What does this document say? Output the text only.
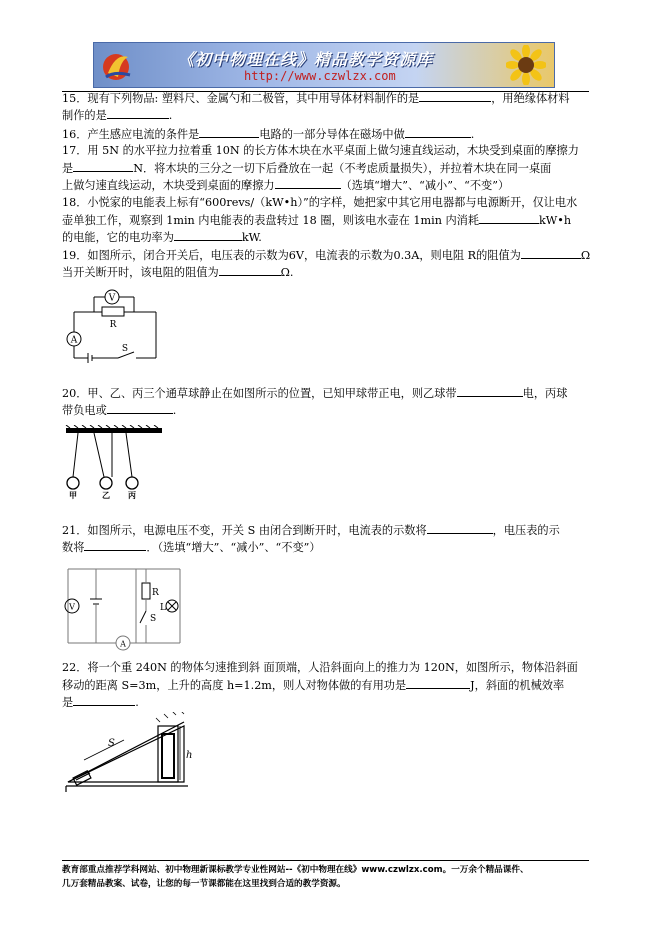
《初中物理在线》精品教学资源库
http://www.czwlzx.com
15．现有下列物品: 塑料尺、金属勺和二极管，其中用导体材料制作的是	，用绝缘体材料
制作的是	.
16．产生感应电流的条件是	电路的一部分导体在磁场中做	.
17．用 5N 的水平拉力拉着重 10N 的长方体木块在水平桌面上做匀速直线运动，木块受到桌面的摩擦力
是	N．将木块的三分之一切下后叠放在一起（不考虑质量损失），并拉着木块在同一桌面
上做匀速直线运动，木块受到桌面的摩擦力	（选填“增大”、“减小”、“不变”）
18．小悦家的电能表上标有“600revs/（kW•h）”的字样，她把家中其它用电器都与电源断开，仅让电水
壶单独工作，观察到 1min 内电能表的表盘转过 18 圈，则该电水壶在 1min 内消耗	kW•h
的电能，它的电功率为	kW.
19．如图所示，闭合开关后，电压表的示数为6V，电流表的示数为0.3A，则电阻 R的阻值为	Ω
当开关断开时，该电阻的阻值为	Ω.
V
R
A
S
20．甲、乙、丙三个通草球静止在如图所示的位置，已知甲球带正电，则乙球带	电，丙球
带负电或	.
甲	乙 丙
21．如图所示，电源电压不变，开关 S 由闭合到断开时，电流表的示数将	，电压表的示
数将	．（选填“增大”、“减小”、“不变”）
V
R
S
L
A
22．将一个重 240N 的物体匀速推到斜 面顶端，人沿斜面向上的推力为 120N，如图所示，物体沿斜面
移动的距离 S=3m，上升的高度 h=1.2m，则人对物体做的有用功是	J，斜面的机械效率
是	.
S
h
教育部重点推荐学科网站、初中物理新课标教学专业性网站--《初中物理在线》www.czwlzx.com。一万余个精品课件、
几万套精品教案、试卷，让您的每一节课都能在这里找到合适的教学资源。
